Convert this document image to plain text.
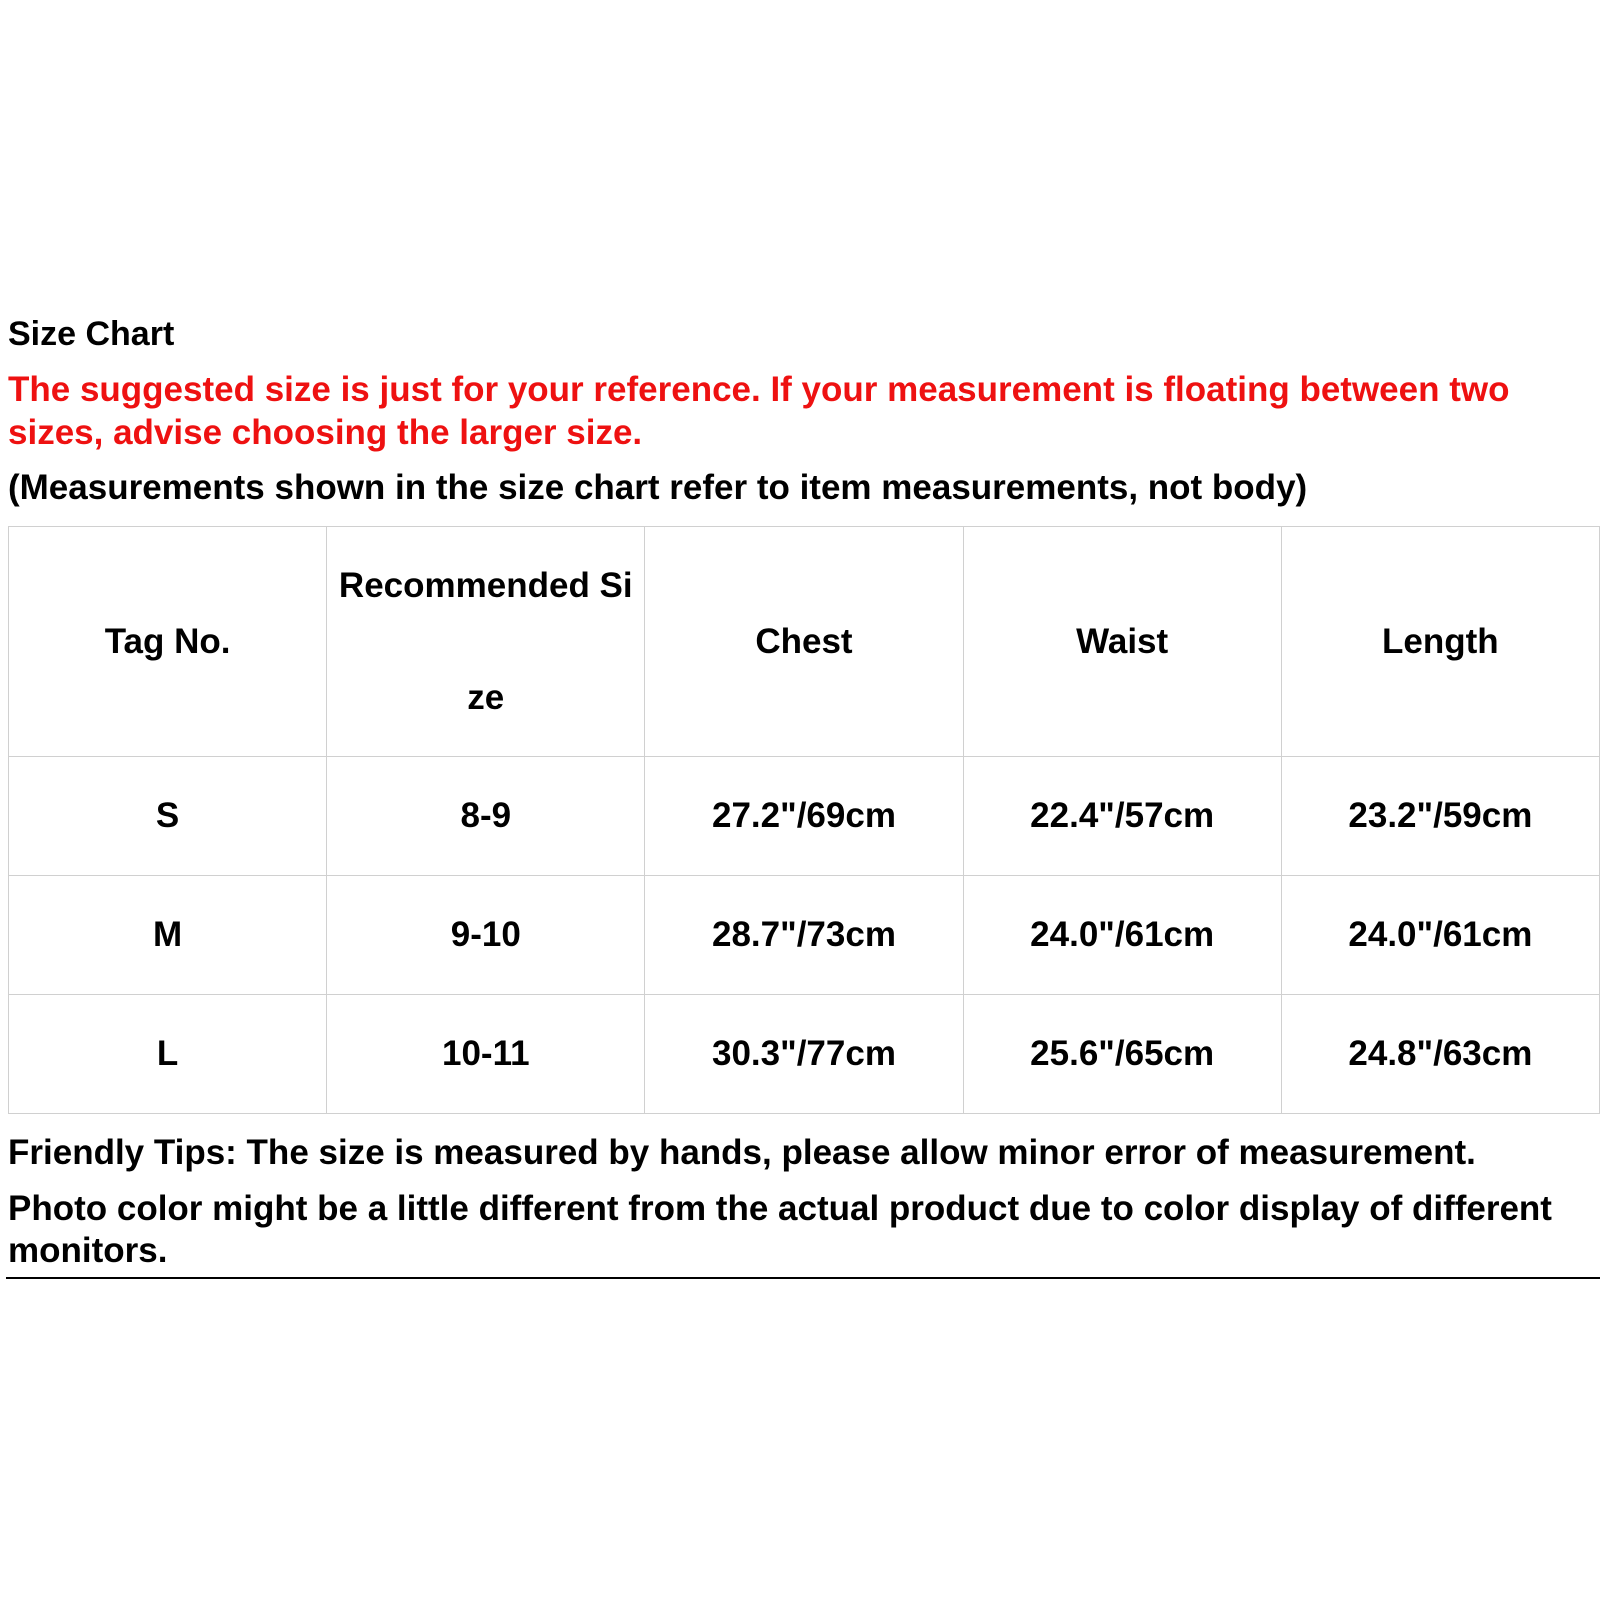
Size Chart
The suggested size is just for your reference. If your measurement is floating between two sizes, advise choosing the larger size.
(Measurements shown in the size chart refer to item measurements, not body)
Tag No.	Recommended Size	Chest	Waist	Length
S	8-9	27.2"/69cm	22.4"/57cm	23.2"/59cm
M	9-10	28.7"/73cm	24.0"/61cm	24.0"/61cm
L	10-11	30.3"/77cm	25.6"/65cm	24.8"/63cm

Friendly Tips: The size is measured by hands, please allow minor error of measurement.

Photo color might be a little different from the actual product due to color display of different monitors.
